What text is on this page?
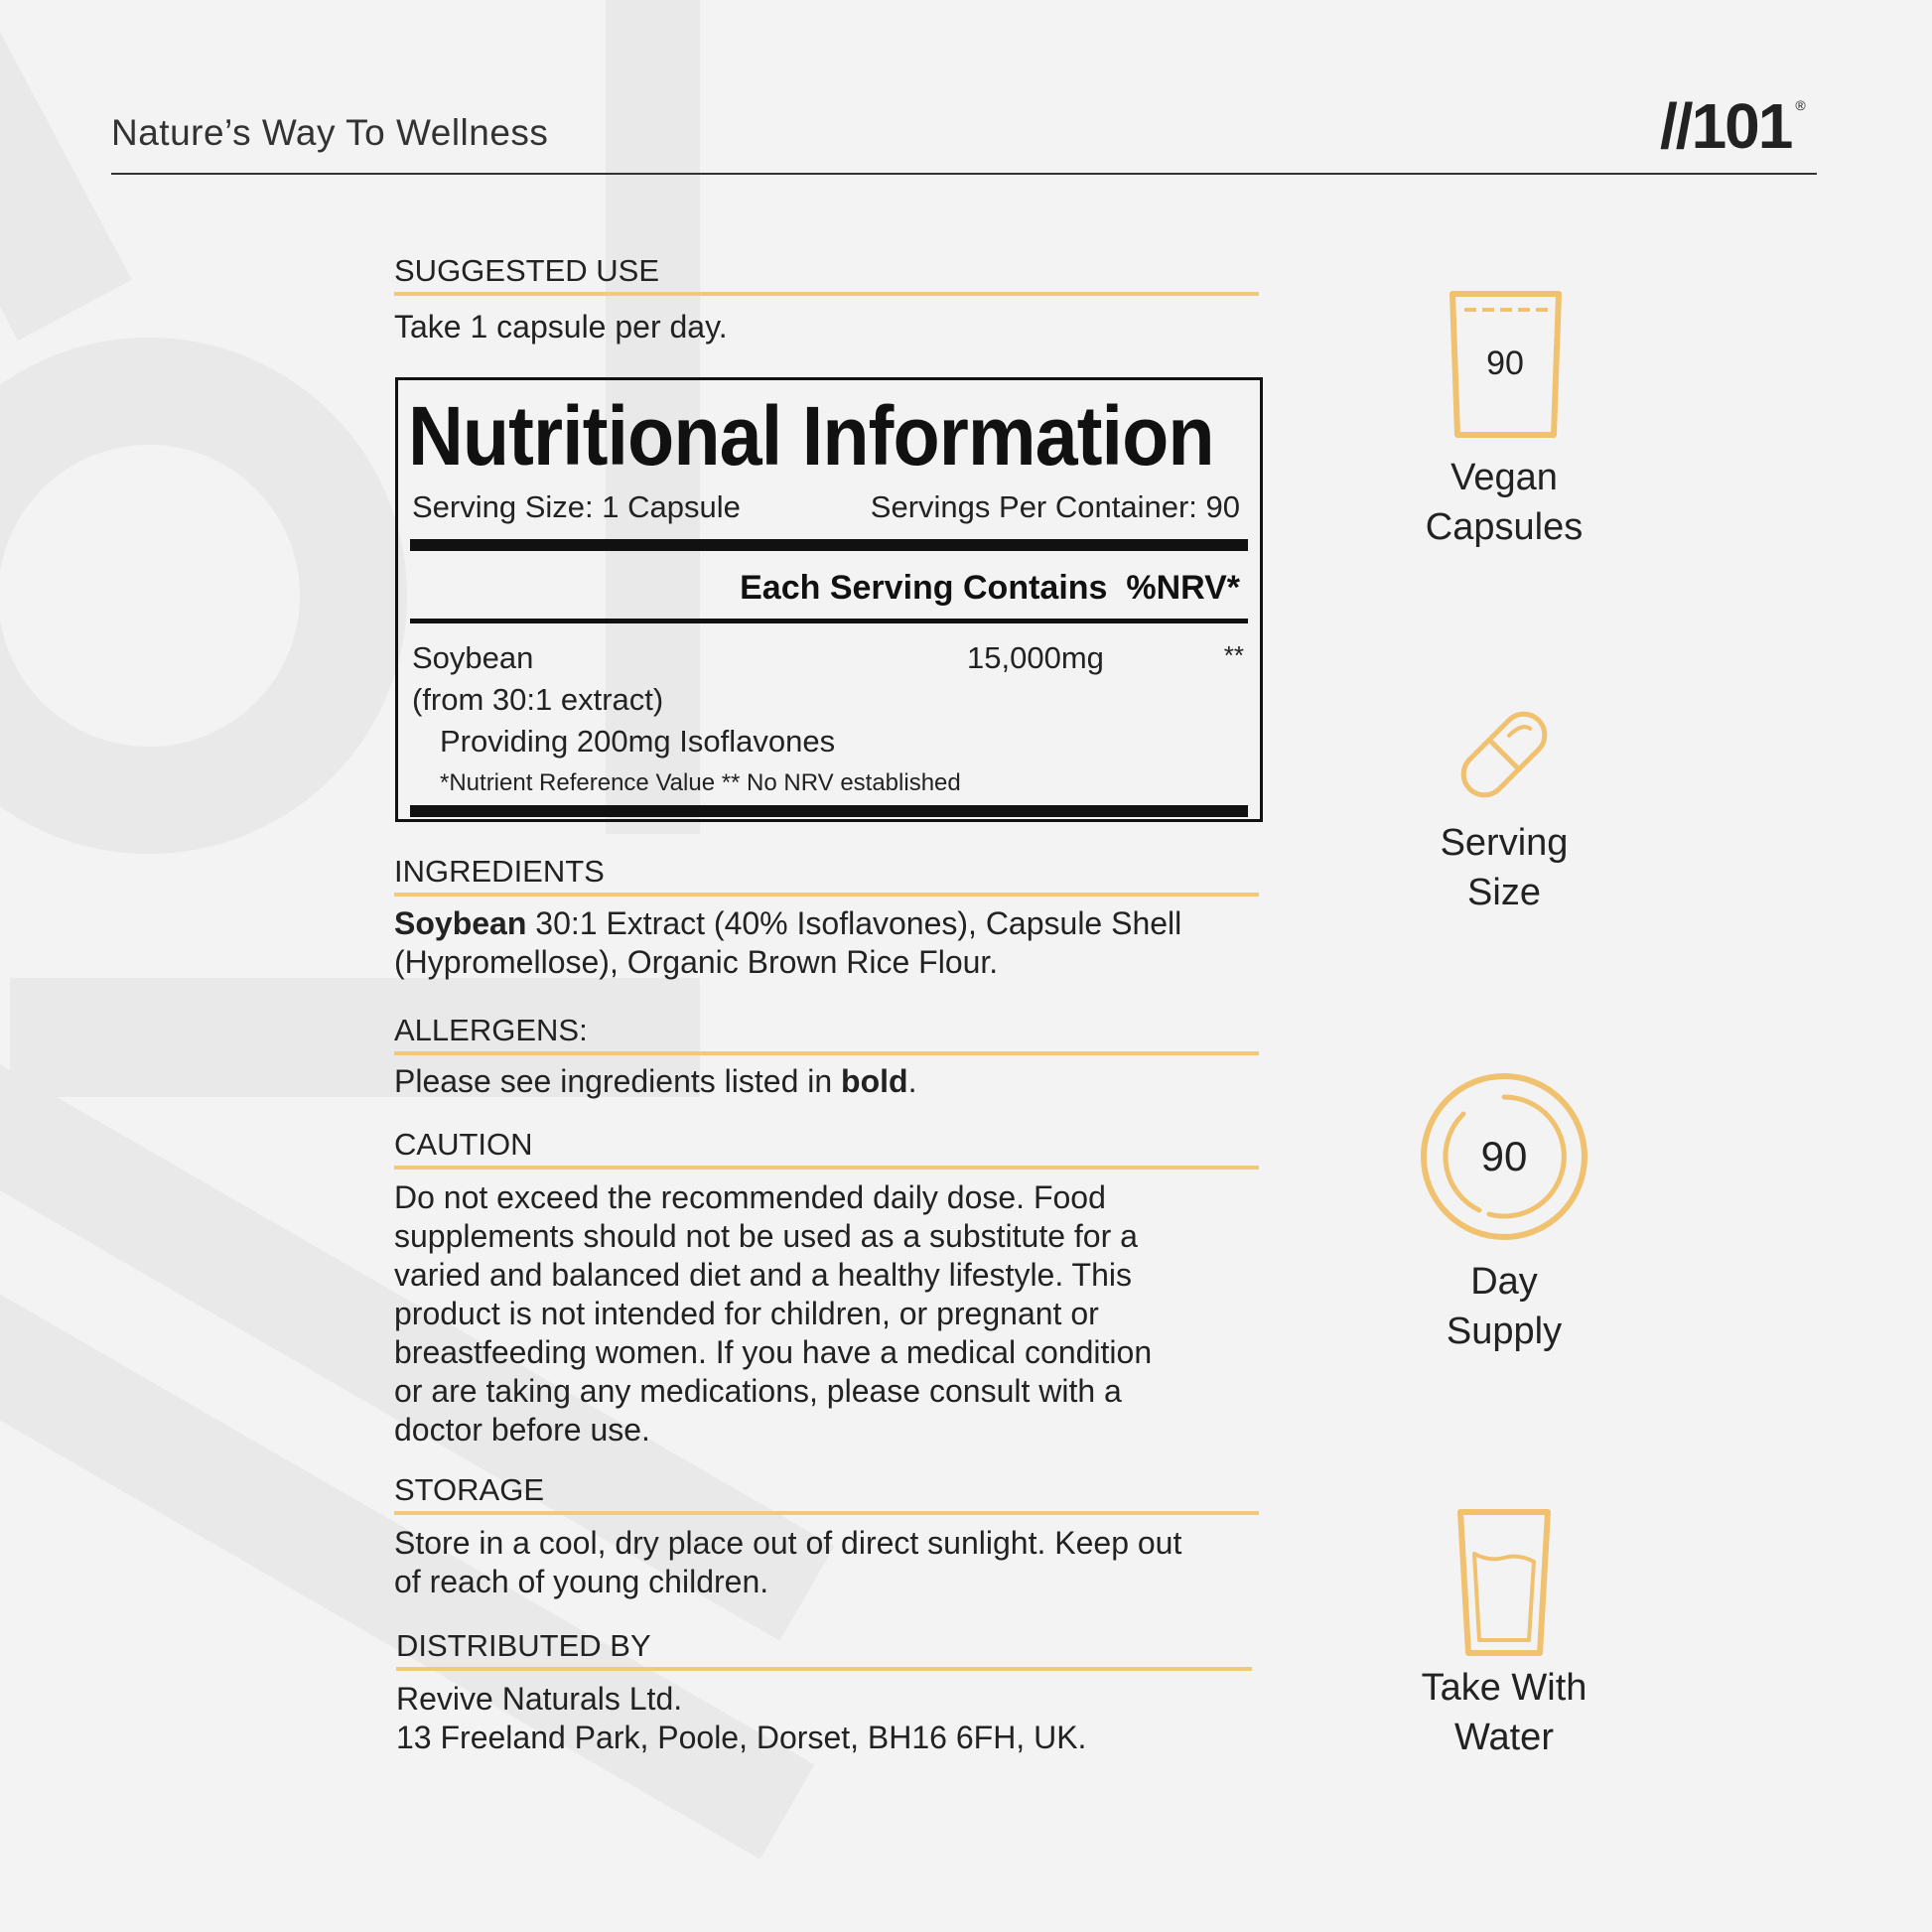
Nature’s Way To Wellness	//101 ®
SUGGESTED USE
Take 1 capsule per day.
Nutritional Information
Serving Size: 1 Capsule	Servings Per Container: 90
Each Serving Contains %NRV*
Soybean	15,000mg	**
(from 30:1 extract)
Providing 200mg Isoflavones
*Nutrient Reference Value ** No NRV established
INGREDIENTS
Soybean 30:1 Extract (40% Isoflavones), Capsule Shell
(Hypromellose), Organic Brown Rice Flour.
ALLERGENS:
Please see ingredients listed in bold.
CAUTION
Do not exceed the recommended daily dose. Food
supplements should not be used as a substitute for a
varied and balanced diet and a healthy lifestyle. This
product is not intended for children, or pregnant or
breastfeeding women. If you have a medical condition
or are taking any medications, please consult with a
doctor before use.
STORAGE
Store in a cool, dry place out of direct sunlight. Keep out
of reach of young children.
DISTRIBUTED BY
Revive Naturals Ltd.
13 Freeland Park, Poole, Dorset, BH16 6FH, UK.
90
Vegan
Capsules
Serving
Size
90
Day
Supply
Take With
Water
